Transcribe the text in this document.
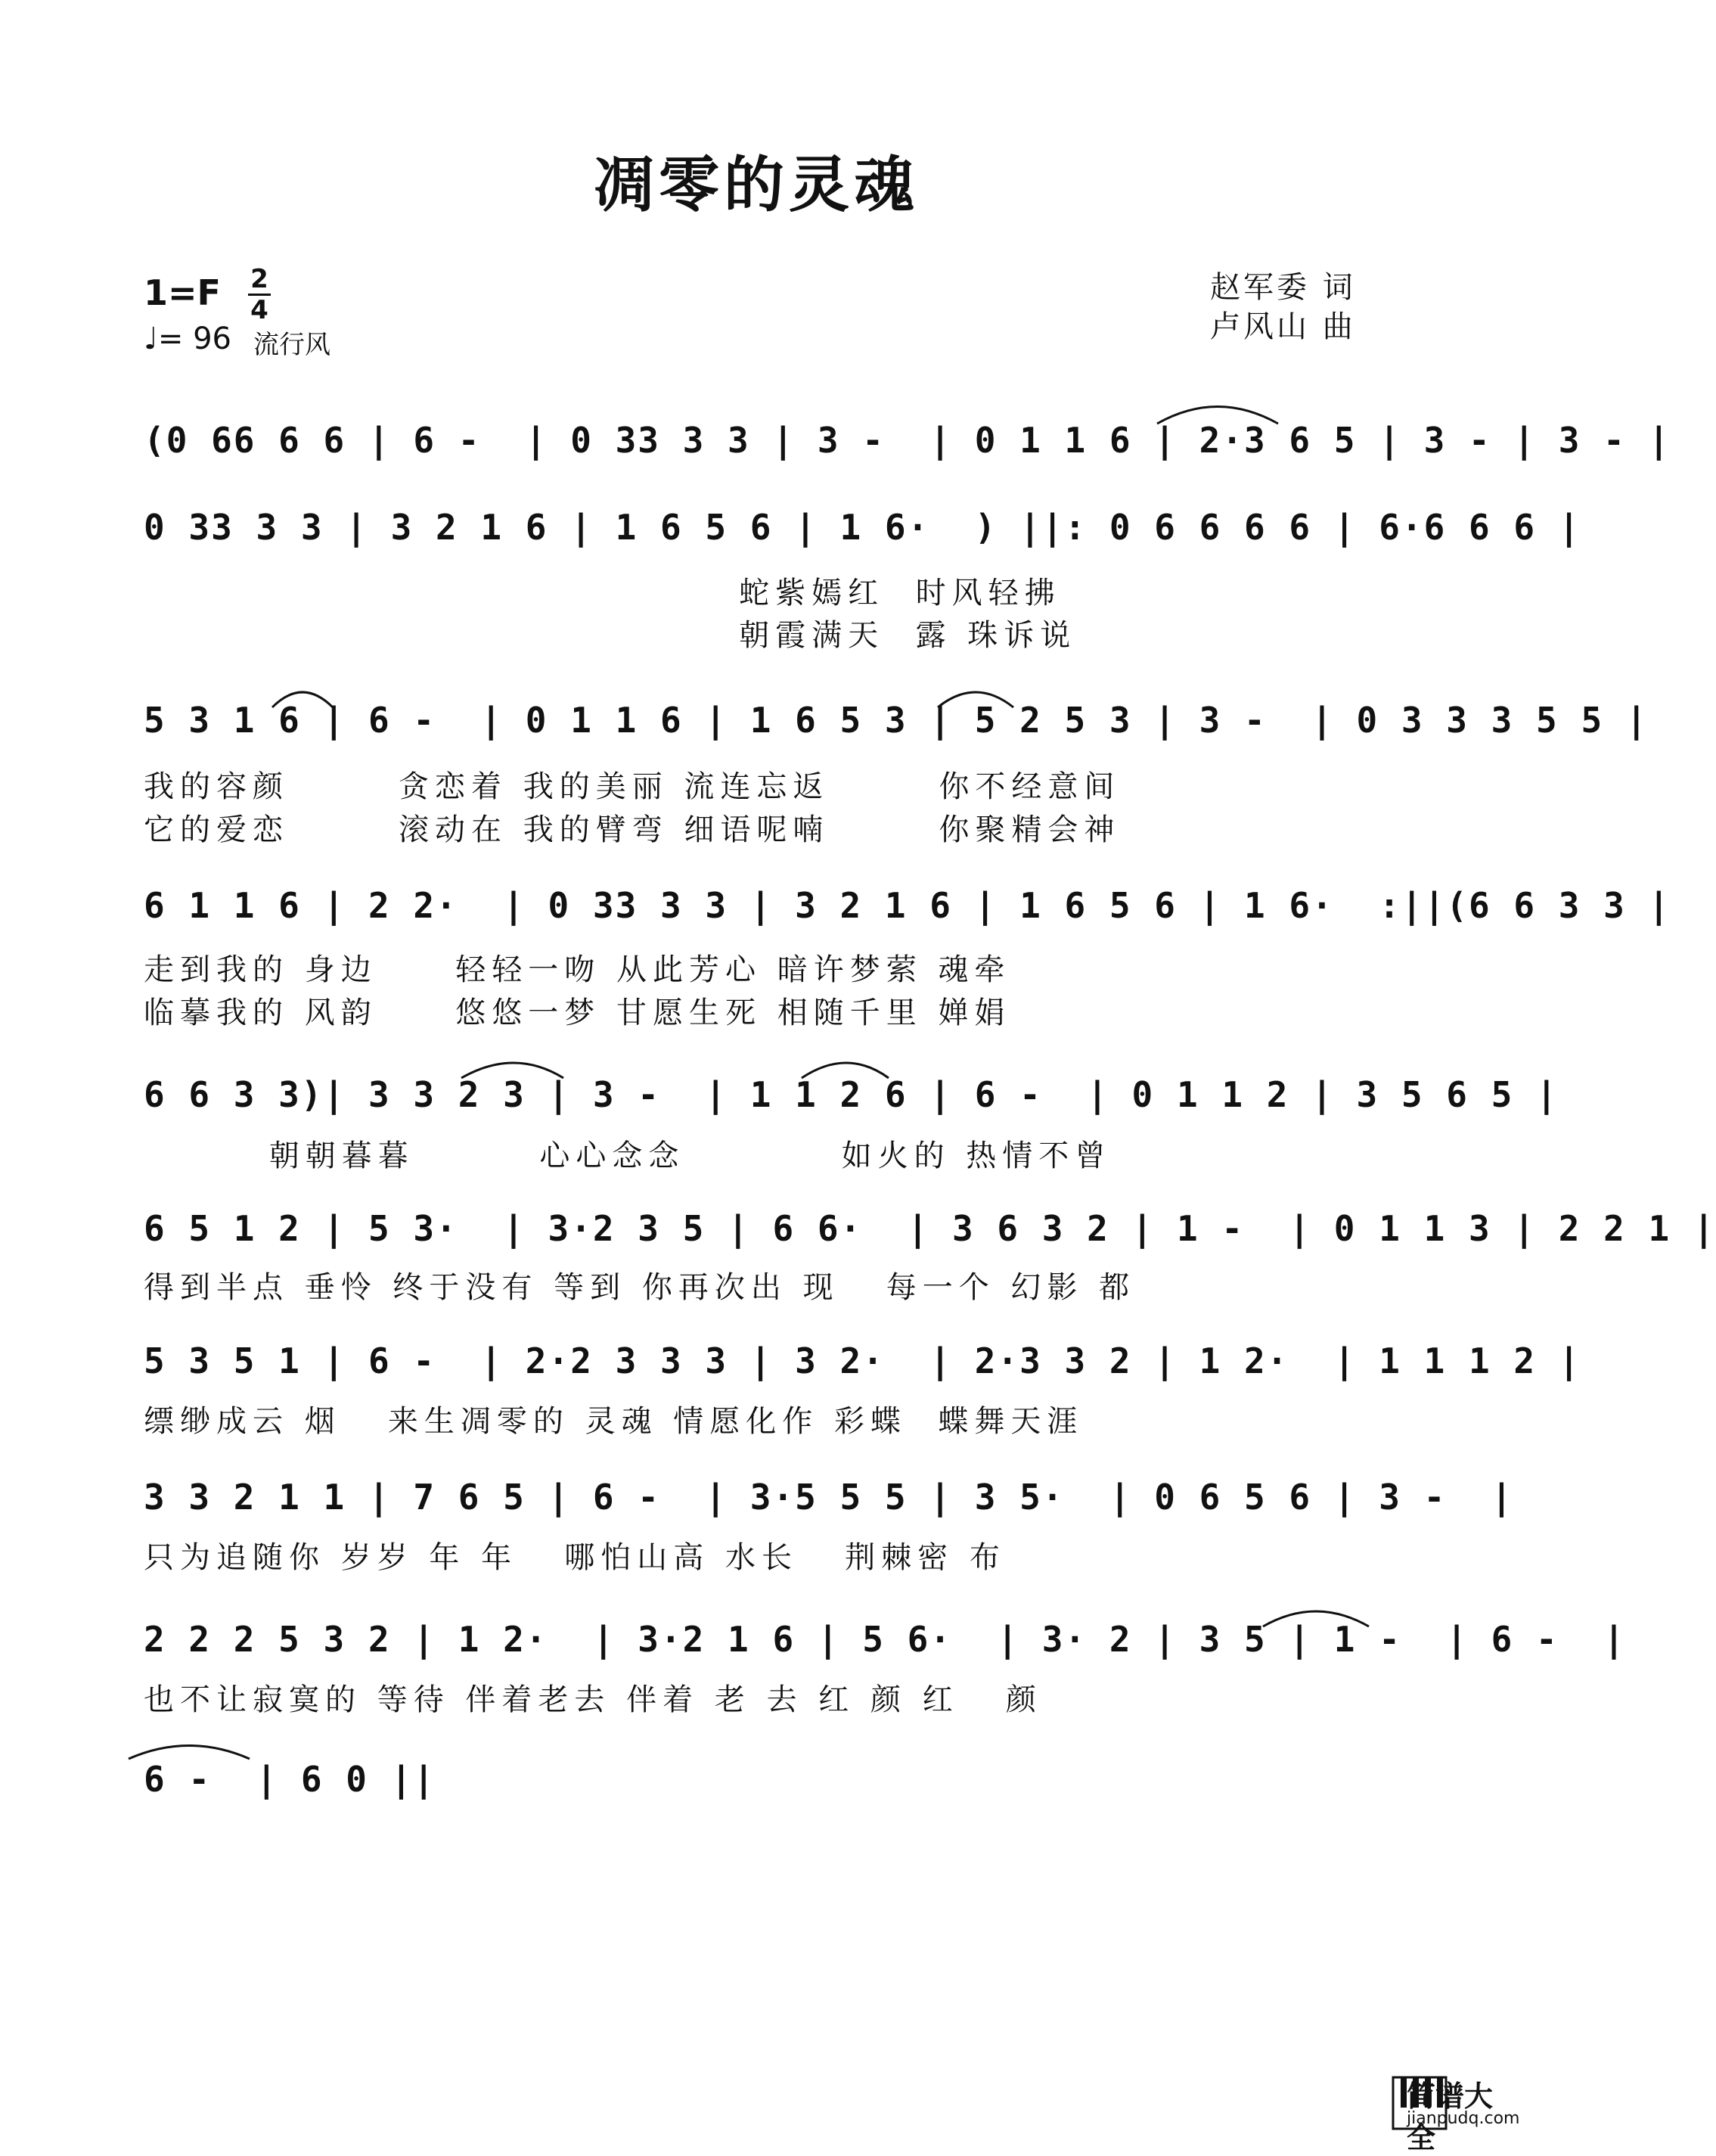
凋零的灵魂
1=F 2
4
♩= 96 流行风
赵军委 词
卢风山 曲
(0 66 6 6 | 6 -  | 0 33 3 3 | 3 -  | 0 1 1 6 | 2·3 6 5 | 3 - | 3 - |
0 33 3 3 | 3 2 1 6 | 1 6 5 6 | 1 6·  ) ||: 0 6 6 6 6 | 6·6 6 6 |
蛇紫嫣红  时风轻拂
朝霞满天  露 珠诉说
5 3 1 6 | 6 -  | 0 1 1 6 | 1 6 5 3 | 5 2 5 3 | 3 -  | 0 3 3 3 5 5 |
我的容颜       贪恋着 我的美丽 流连忘返       你不经意间
它的爱恋       滚动在 我的臂弯 细语呢喃       你聚精会神
6 1 1 6 | 2 2·  | 0 33 3 3 | 3 2 1 6 | 1 6 5 6 | 1 6·  :||(6 6 3 3 |
走到我的 身边     轻轻一吻 从此芳心 暗许梦萦 魂牵
临摹我的 风韵     悠悠一梦 甘愿生死 相随千里 婵娟
6 6 3 3)| 3 3 2 3 | 3 -  | 1 1 2 6 | 6 -  | 0 1 1 2 | 3 5 6 5 |
朝朝暮暮        心心念念          如火的 热情不曾
6 5 1 2 | 5 3·  | 3·2 3 5 | 6 6·  | 3 6 3 2 | 1 -  | 0 1 1 3 | 2 2 1 |
得到半点 垂怜 终于没有 等到 你再次出 现   每一个 幻影 都
5 3 5 1 | 6 -  | 2·2 3 3 3 | 3 2·  | 2·3 3 2 | 1 2·  | 1 1 1 2 |
缥缈成云 烟   来生凋零的 灵魂 情愿化作 彩蝶  蝶舞天涯
3 3 2 1 1 | 7 6 5 | 6 -  | 3·5 5 5 | 3 5·  | 0 6 5 6 | 3 -  |
只为追随你 岁岁 年 年   哪怕山高 水长   荆棘密 布
2 2 2 5 3 2 | 1 2·  | 3·2 1 6 | 5 6·  | 3· 2 | 3 5 | 1 -  | 6 -  |
也不让寂寞的 等待 伴着老去 伴着 老 去 红 颜 红   颜
6 -  | 6 0 ||
简谱大全
jianpudq.com
